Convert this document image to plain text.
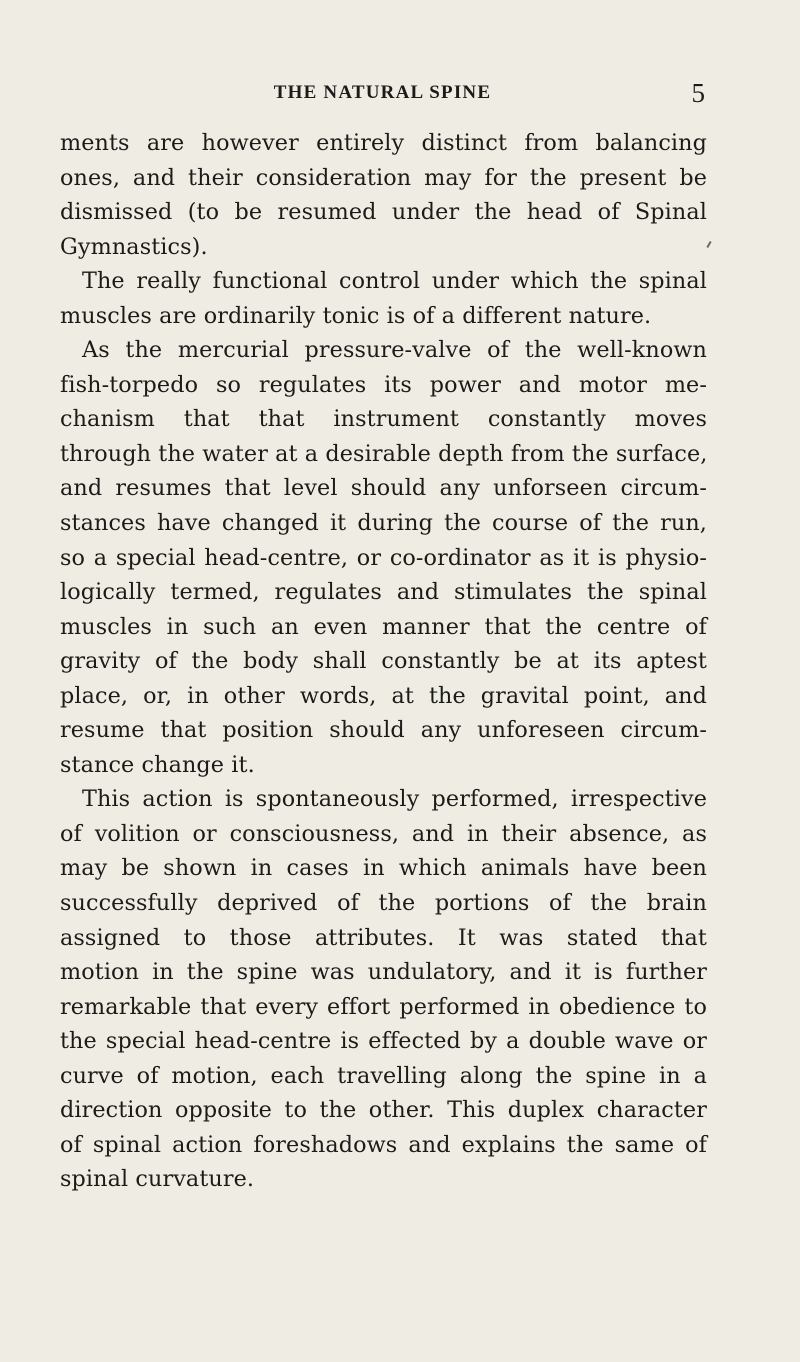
THE NATURAL SPINE	5
ments are however entirely distinct from balancing
ones, and their consideration may for the present be
dismissed (to be resumed under the head of Spinal
Gymnastics).
The really functional control under which the spinal
muscles are ordinarily tonic is of a different nature.
As the mercurial pressure-valve of the well-known
fish-torpedo so regulates its power and motor me-
chanism that that instrument constantly moves
through the water at a desirable depth from the surface,
and resumes that level should any unforseen circum-
stances have changed it during the course of the run,
so a special head-centre, or co-ordinator as it is physio-
logically termed, regulates and stimulates the spinal
muscles in such an even manner that the centre of
gravity of the body shall constantly be at its aptest
place, or, in other words, at the gravital point, and
resume that position should any unforeseen circum-
stance change it.
This action is spontaneously performed, irrespective
of volition or consciousness, and in their absence, as
may be shown in cases in which animals have been
successfully deprived of the portions of the brain
assigned to those attributes. It was stated that
motion in the spine was undulatory, and it is further
remarkable that every effort performed in obedience to
the special head-centre is effected by a double wave or
curve of motion, each travelling along the spine in a
direction opposite to the other. This duplex character
of spinal action foreshadows and explains the same of
spinal curvature.
